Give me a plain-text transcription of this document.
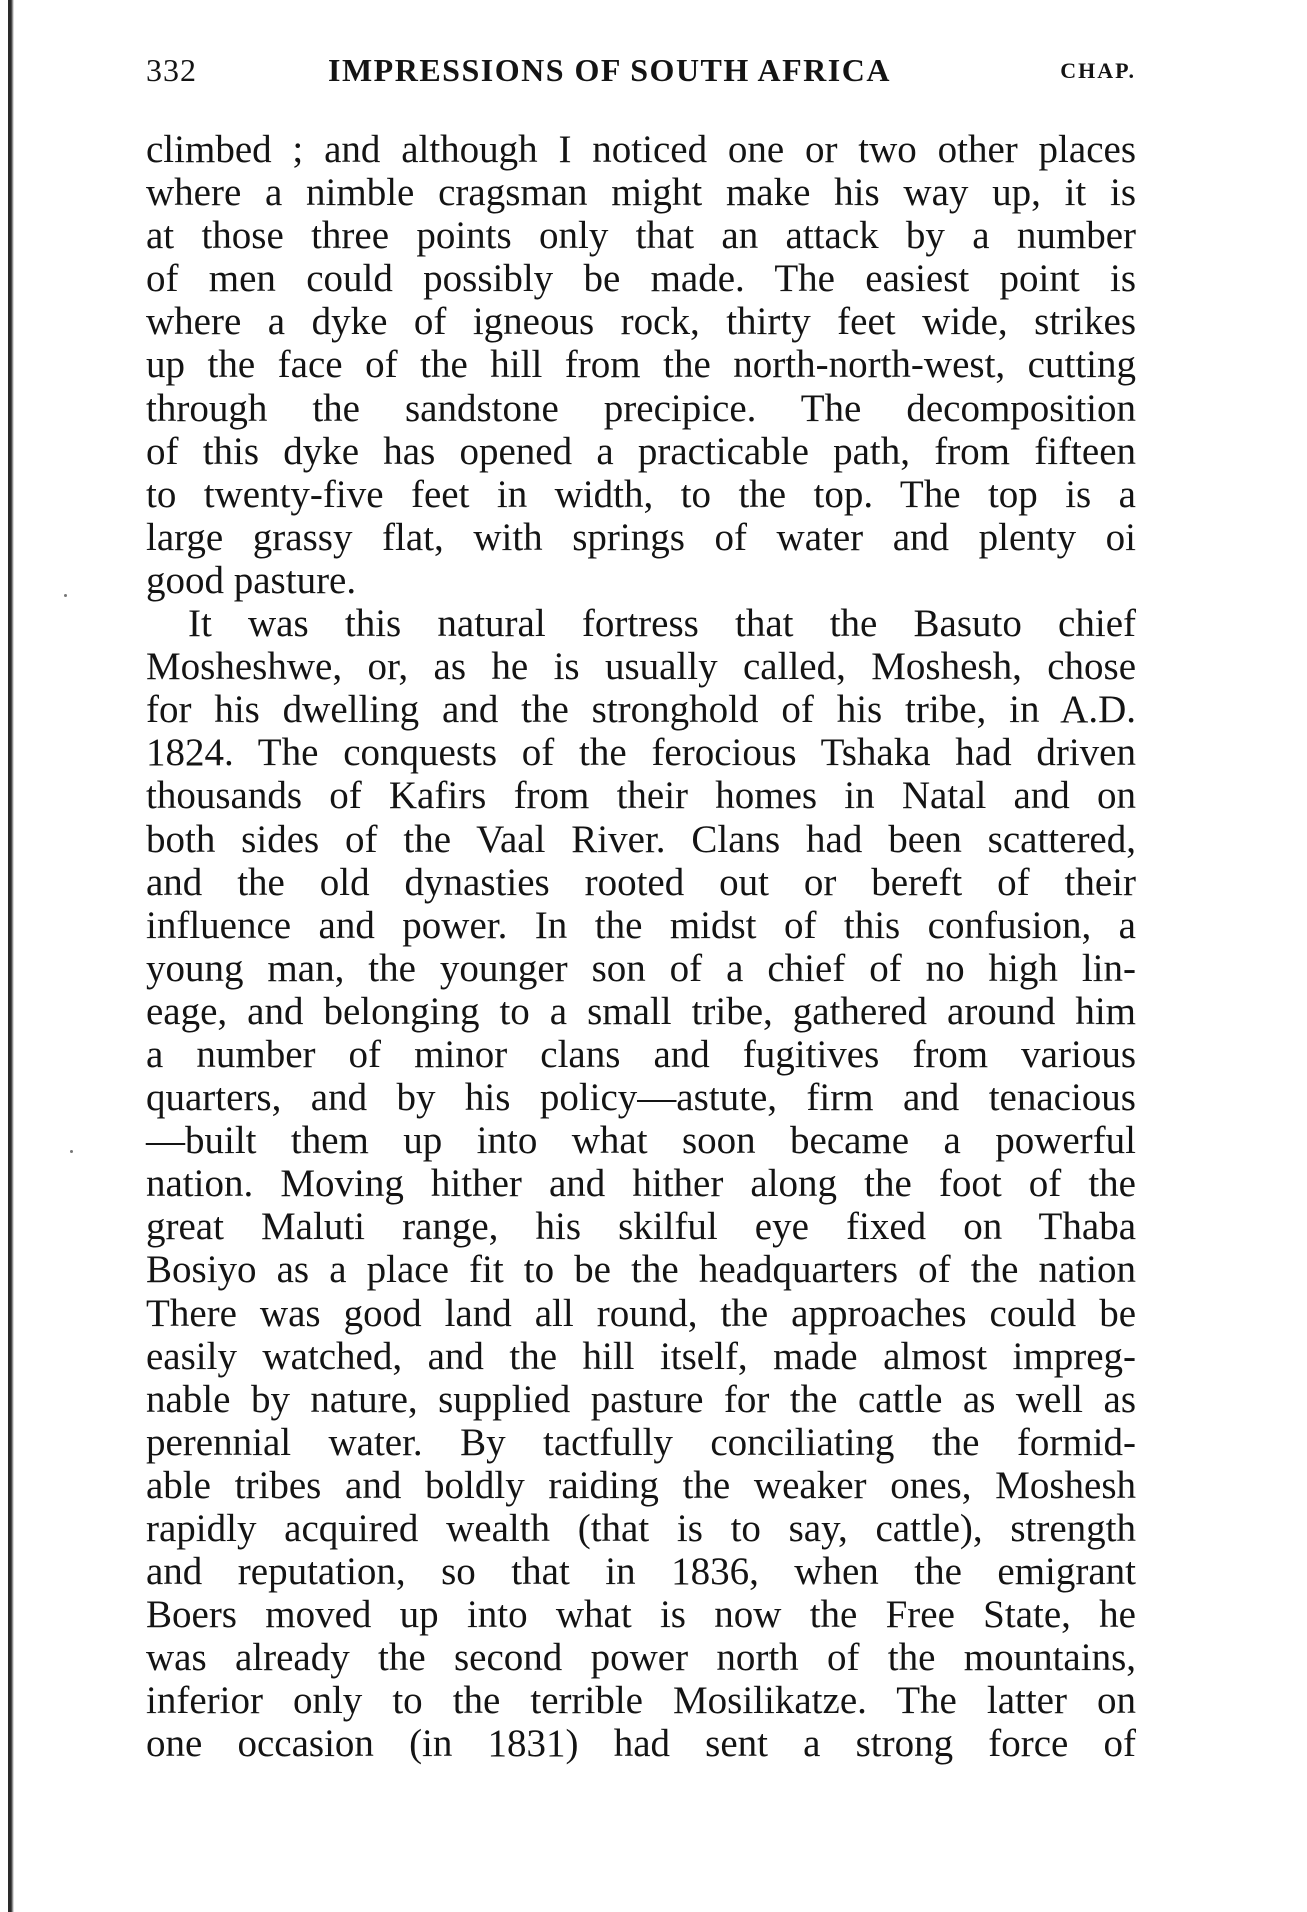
332	IMPRESSIONS OF SOUTH AFRICA	CHAP.
climbed ; and although I noticed one or two other places
where a nimble cragsman might make his way up, it is
at those three points only that an attack by a number
of men could possibly be made. The easiest point is
where a dyke of igneous rock, thirty feet wide, strikes
up the face of the hill from the north-north-west, cutting
through the sandstone precipice. The decomposition
of this dyke has opened a practicable path, from fifteen
to twenty-five feet in width, to the top. The top is a
large grassy flat, with springs of water and plenty oi
good pasture.
It was this natural fortress that the Basuto chief
Mosheshwe, or, as he is usually called, Moshesh, chose
for his dwelling and the stronghold of his tribe, in A.D.
1824. The conquests of the ferocious Tshaka had driven
thousands of Kafirs from their homes in Natal and on
both sides of the Vaal River. Clans had been scattered,
and the old dynasties rooted out or bereft of their
influence and power. In the midst of this confusion, a
young man, the younger son of a chief of no high lin-
eage, and belonging to a small tribe, gathered around him
a number of minor clans and fugitives from various
quarters, and by his policy—astute, firm and tenacious
—built them up into what soon became a powerful
nation. Moving hither and hither along the foot of the
great Maluti range, his skilful eye fixed on Thaba
Bosiyo as a place fit to be the headquarters of the nation
There was good land all round, the approaches could be
easily watched, and the hill itself, made almost impreg-
nable by nature, supplied pasture for the cattle as well as
perennial water. By tactfully conciliating the formid-
able tribes and boldly raiding the weaker ones, Moshesh
rapidly acquired wealth (that is to say, cattle), strength
and reputation, so that in 1836, when the emigrant
Boers moved up into what is now the Free State, he
was already the second power north of the mountains,
inferior only to the terrible Mosilikatze. The latter on
one occasion (in 1831) had sent a strong force of
